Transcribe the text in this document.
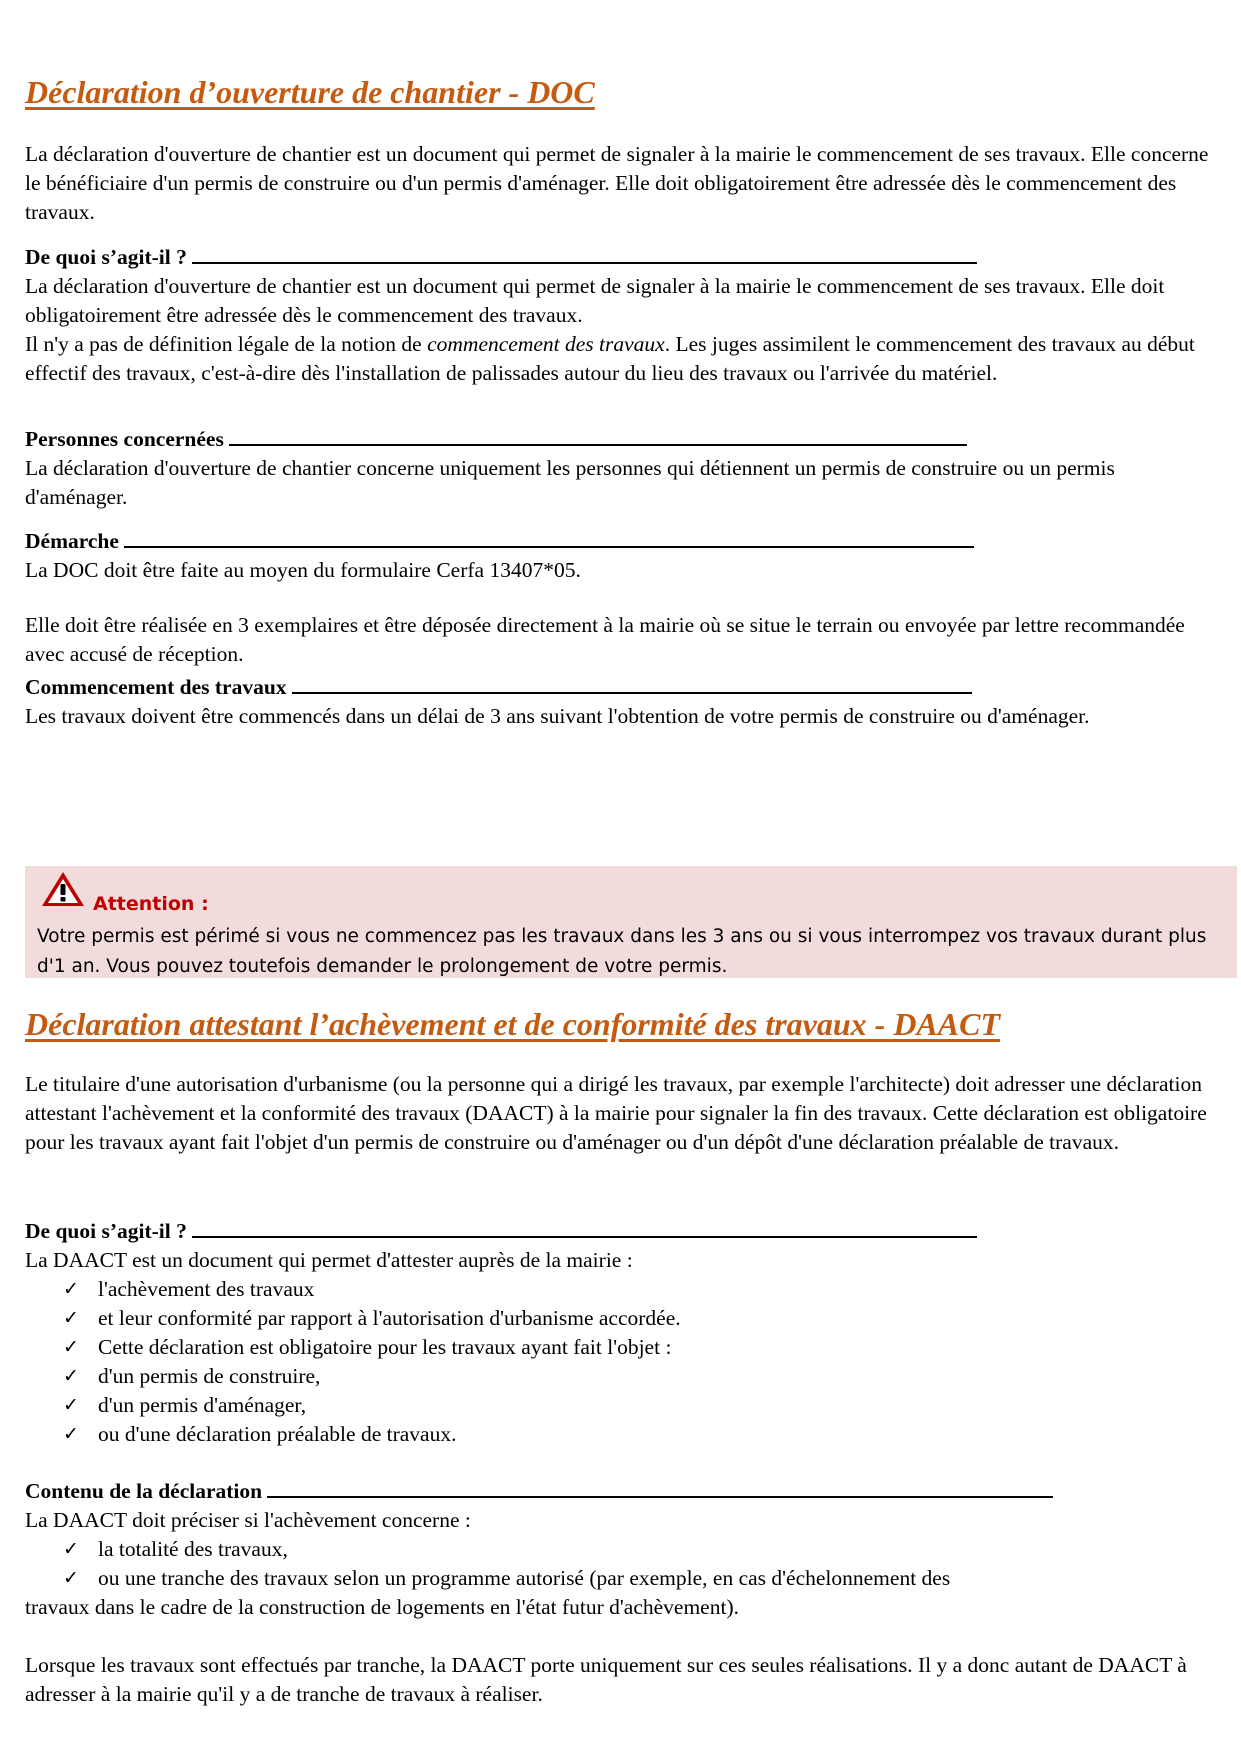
Déclaration d’ouverture de chantier - DOC

La déclaration d'ouverture de chantier est un document qui permet de signaler à la mairie le commencement de ses travaux. Elle concerne le bénéficiaire d'un permis de construire ou d'un permis d'aménager. Elle doit obligatoirement être adressée dès le commencement des travaux.

De quoi s’agit-il ?

La déclaration d'ouverture de chantier est un document qui permet de signaler à la mairie le commencement de ses travaux. Elle doit obligatoirement être adressée dès le commencement des travaux.

Il n'y a pas de définition légale de la notion de commencement des travaux. Les juges assimilent le commencement des travaux au début effectif des travaux, c'est-à-dire dès l'installation de palissades autour du lieu des travaux ou l'arrivée du matériel.

Personnes concernées

La déclaration d'ouverture de chantier concerne uniquement les personnes qui détiennent un permis de construire ou un permis d'aménager.

Démarche

La DOC doit être faite au moyen du formulaire Cerfa 13407*05.

Elle doit être réalisée en 3 exemplaires et être déposée directement à la mairie où se situe le terrain ou envoyée par lettre recommandée avec accusé de réception.

Commencement des travaux

Les travaux doivent être commencés dans un délai de 3 ans suivant l'obtention de votre permis de construire ou d'aménager.

Attention :
Votre permis est périmé si vous ne commencez pas les travaux dans les 3 ans ou si vous interrompez vos travaux durant plus d'1 an. Vous pouvez toutefois demander le prolongement de votre permis.
Déclaration attestant l’achèvement et de conformité des travaux - DAACT

Le titulaire d'une autorisation d'urbanisme (ou la personne qui a dirigé les travaux, par exemple l'architecte) doit adresser une déclaration attestant l'achèvement et la conformité des travaux (DAACT) à la mairie pour signaler la fin des travaux. Cette déclaration est obligatoire pour les travaux ayant fait l'objet d'un permis de construire ou d'aménager ou d'un dépôt d'une déclaration préalable de travaux.

De quoi s’agit-il ?

La DAACT est un document qui permet d'attester auprès de la mairie :

✓ l'achèvement des travaux
✓ et leur conformité par rapport à l'autorisation d'urbanisme accordée.
✓ Cette déclaration est obligatoire pour les travaux ayant fait l'objet :
✓ d'un permis de construire,
✓ d'un permis d'aménager,
✓ ou d'une déclaration préalable de travaux.
Contenu de la déclaration

La DAACT doit préciser si l'achèvement concerne :

✓ la totalité des travaux,
✓ ou une tranche des travaux selon un programme autorisé (par exemple, en cas d'échelonnement des

travaux dans le cadre de la construction de logements en l'état futur d'achèvement).

Lorsque les travaux sont effectués par tranche, la DAACT porte uniquement sur ces seules réalisations. Il y a donc autant de DAACT à adresser à la mairie qu'il y a de tranche de travaux à réaliser.
